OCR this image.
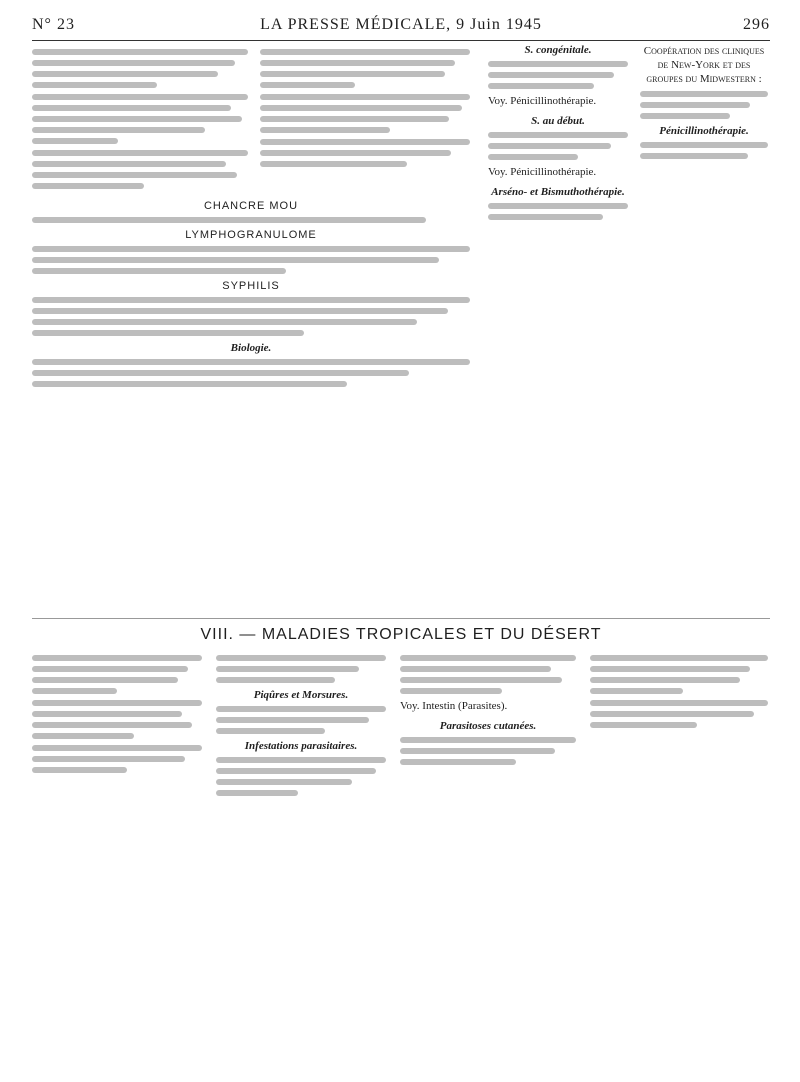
N° 23	LA PRESSE MÉDICALE, 9 Juin 1945	296
S. congénitale.
Voy. Pénicillinothérapie.
S. au début.
Voy. Pénicillinothérapie.
Arséno- et Bismuthothérapie.
Coopération des cliniques de New-York et des groupes du Midwestern :
Pénicillinothérapie.
CHANCRE MOU
LYMPHOGRANULOME
SYPHILIS
Biologie.
VIII. — MALADIES TROPICALES ET DU DÉSERT
Piqûres et Morsures.
Infestations parasitaires.
Voy. Intestin (Parasites).
Parasitoses cutanées.
